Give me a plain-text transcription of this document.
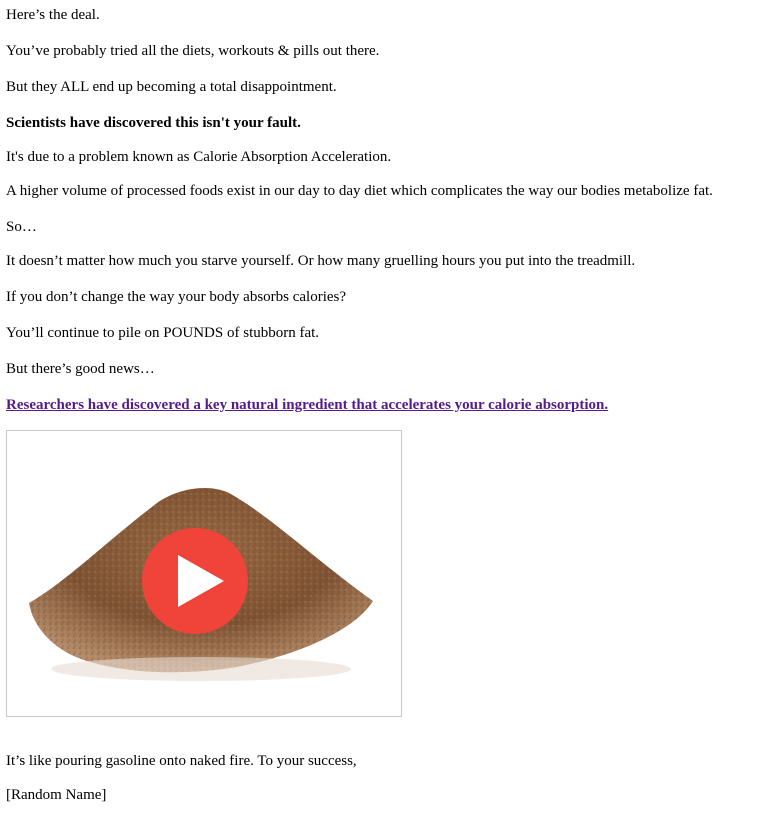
Here’s the deal.

You’ve probably tried all the diets, workouts & pills out there.

But they ALL end up becoming a total disappointment.

Scientists have discovered this isn't your fault.

It's due to a problem known as Calorie Absorption Acceleration.

A higher volume of processed foods exist in our day to day diet which complicates the way our bodies metabolize fat.

So…

It doesn’t matter how much you starve yourself. Or how many gruelling hours you put into the treadmill.

If you don’t change the way your body absorbs calories?

You’ll continue to pile on POUNDS of stubborn fat.

But there’s good news…

Researchers have discovered a key natural ingredient that accelerates your calorie absorption.

It’s like pouring gasoline onto naked fire. To your success,

[Random Name]
